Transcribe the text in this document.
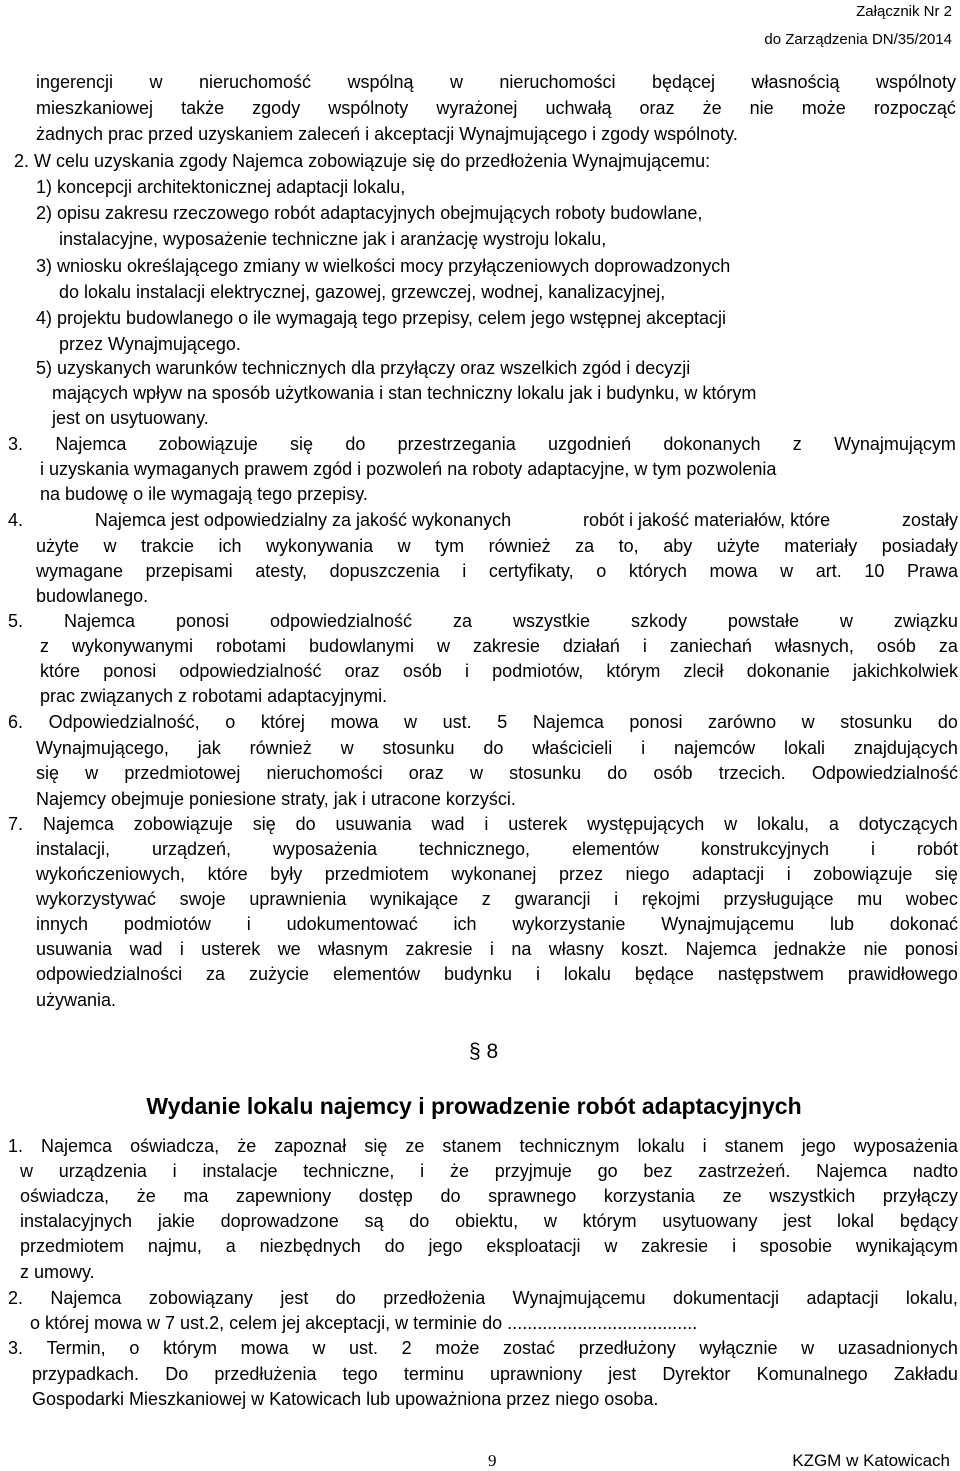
Załącznik Nr 2
do Zarządzenia DN/35/2014
ingerencji w nieruchomość wspólną w nieruchomości będącej własnością wspólnoty
mieszkaniowej także zgody wspólnoty wyrażonej uchwałą oraz że nie może rozpocząć
żadnych prac przed uzyskaniem zaleceń i akceptacji Wynajmującego i zgody wspólnoty.
2. W celu uzyskania zgody Najemca zobowiązuje się do przedłożenia Wynajmującemu:
1) koncepcji architektonicznej adaptacji lokalu,
2) opisu zakresu rzeczowego robót adaptacyjnych obejmujących roboty budowlane,
instalacyjne, wyposażenie techniczne jak i aranżację wystroju lokalu,
3) wniosku określającego zmiany w wielkości mocy przyłączeniowych doprowadzonych
do lokalu instalacji elektrycznej, gazowej, grzewczej, wodnej, kanalizacyjnej,
4) projektu budowlanego o ile wymagają tego przepisy, celem jego wstępnej akceptacji
przez Wynajmującego.
5) uzyskanych warunków technicznych dla przyłączy oraz wszelkich zgód i decyzji
mających wpływ na sposób użytkowania i stan techniczny lokalu jak i budynku, w którym
jest on usytuowany.
3. Najemca zobowiązuje się do przestrzegania uzgodnień dokonanych z Wynajmującym
i uzyskania wymaganych prawem zgód i pozwoleń na roboty adaptacyjne, w tym pozwolenia
na budowę o ile wymagają tego przepisy.
4.	Najemca jest odpowiedzialny za jakość wykonanych	robót i jakość materiałów, które	zostały
użyte w trakcie ich wykonywania w tym również za to, aby użyte materiały posiadały
wymagane przepisami atesty, dopuszczenia i certyfikaty, o których mowa w art. 10 Prawa
budowlanego.
5. Najemca ponosi odpowiedzialność za wszystkie szkody powstałe w związku
z wykonywanymi robotami budowlanymi w zakresie działań i zaniechań własnych, osób za
które ponosi odpowiedzialność oraz osób i podmiotów, którym zlecił dokonanie jakichkolwiek
prac związanych z robotami adaptacyjnymi.
6. Odpowiedzialność, o której mowa w ust. 5 Najemca ponosi zarówno w stosunku do
Wynajmującego, jak również w stosunku do właścicieli i najemców lokali znajdujących
się w przedmiotowej nieruchomości oraz w stosunku do osób trzecich. Odpowiedzialność
Najemcy obejmuje poniesione straty, jak i utracone korzyści.
7. Najemca zobowiązuje się do usuwania wad i usterek występujących w lokalu, a dotyczących
instalacji, urządzeń, wyposażenia technicznego, elementów konstrukcyjnych i robót
wykończeniowych, które były przedmiotem wykonanej przez niego adaptacji i zobowiązuje się
wykorzystywać swoje uprawnienia wynikające z gwarancji i rękojmi przysługujące mu wobec
innych podmiotów i udokumentować ich wykorzystanie Wynajmującemu lub dokonać
usuwania wad i usterek we własnym zakresie i na własny koszt. Najemca jednakże nie ponosi
odpowiedzialności za zużycie elementów budynku i lokalu będące następstwem prawidłowego
używania.
§ 8
Wydanie lokalu najemcy i prowadzenie robót adaptacyjnych
1. Najemca oświadcza, że zapoznał się ze stanem technicznym lokalu i stanem jego wyposażenia
w urządzenia i instalacje techniczne, i że przyjmuje go bez zastrzeżeń. Najemca nadto
oświadcza, że ma zapewniony dostęp do sprawnego korzystania ze wszystkich przyłączy
instalacyjnych jakie doprowadzone są do obiektu, w którym usytuowany jest lokal będący
przedmiotem najmu, a niezbędnych do jego eksploatacji w zakresie i sposobie wynikającym
z umowy.
2. Najemca zobowiązany jest do przedłożenia Wynajmującemu dokumentacji adaptacji lokalu,
o której mowa w 7 ust.2, celem jej akceptacji, w terminie do ......................................
3. Termin, o którym mowa w ust. 2 może zostać przedłużony wyłącznie w uzasadnionych
przypadkach. Do przedłużenia tego terminu uprawniony jest Dyrektor Komunalnego Zakładu
Gospodarki Mieszkaniowej w Katowicach lub upoważniona przez niego osoba.
9	KZGM w Katowicach
